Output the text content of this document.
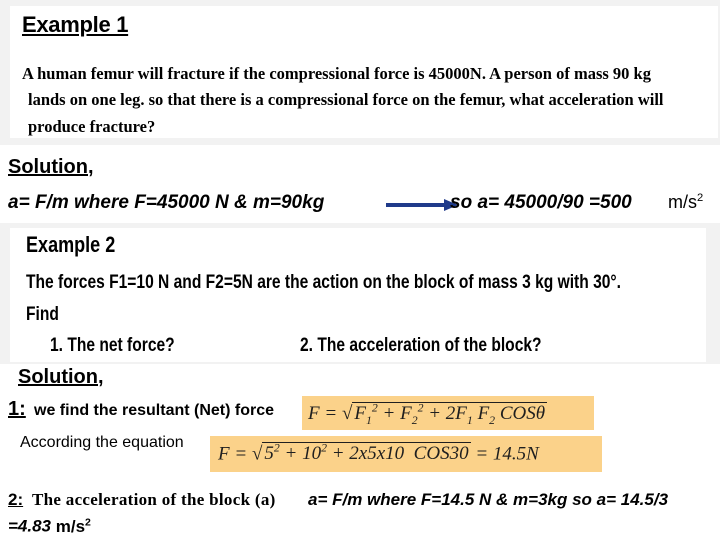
Example 1
A human femur will fracture if the compressional force is 45000N. A person of mass 90 kg
lands on one leg. so that there is a compressional force on the femur, what acceleration will
produce fracture?
Solution,
a= F/m where F=45000 N & m=90kg	so a= 45000/90 =500 $m/s^2$
Example 2
The forces F1=10 N and F2=5N are the action on the block of mass 3 kg with 30°.
Find
1. The net force?	2. The acceleration of the block?
Solution,
1: we find the resultant (Net) force F = √ $F_1^2 + F_2^2 + 2F_1$ $F_2$ COSθ
According the equation
F = √ $5^2 + 10^2 + 2x5x10$  COS30 = 14.5N
2: The acceleration of the block (a) a= F/m where F=14.5 N & m=3kg so a= 14.5/3
=4.83 $m/s^2$
